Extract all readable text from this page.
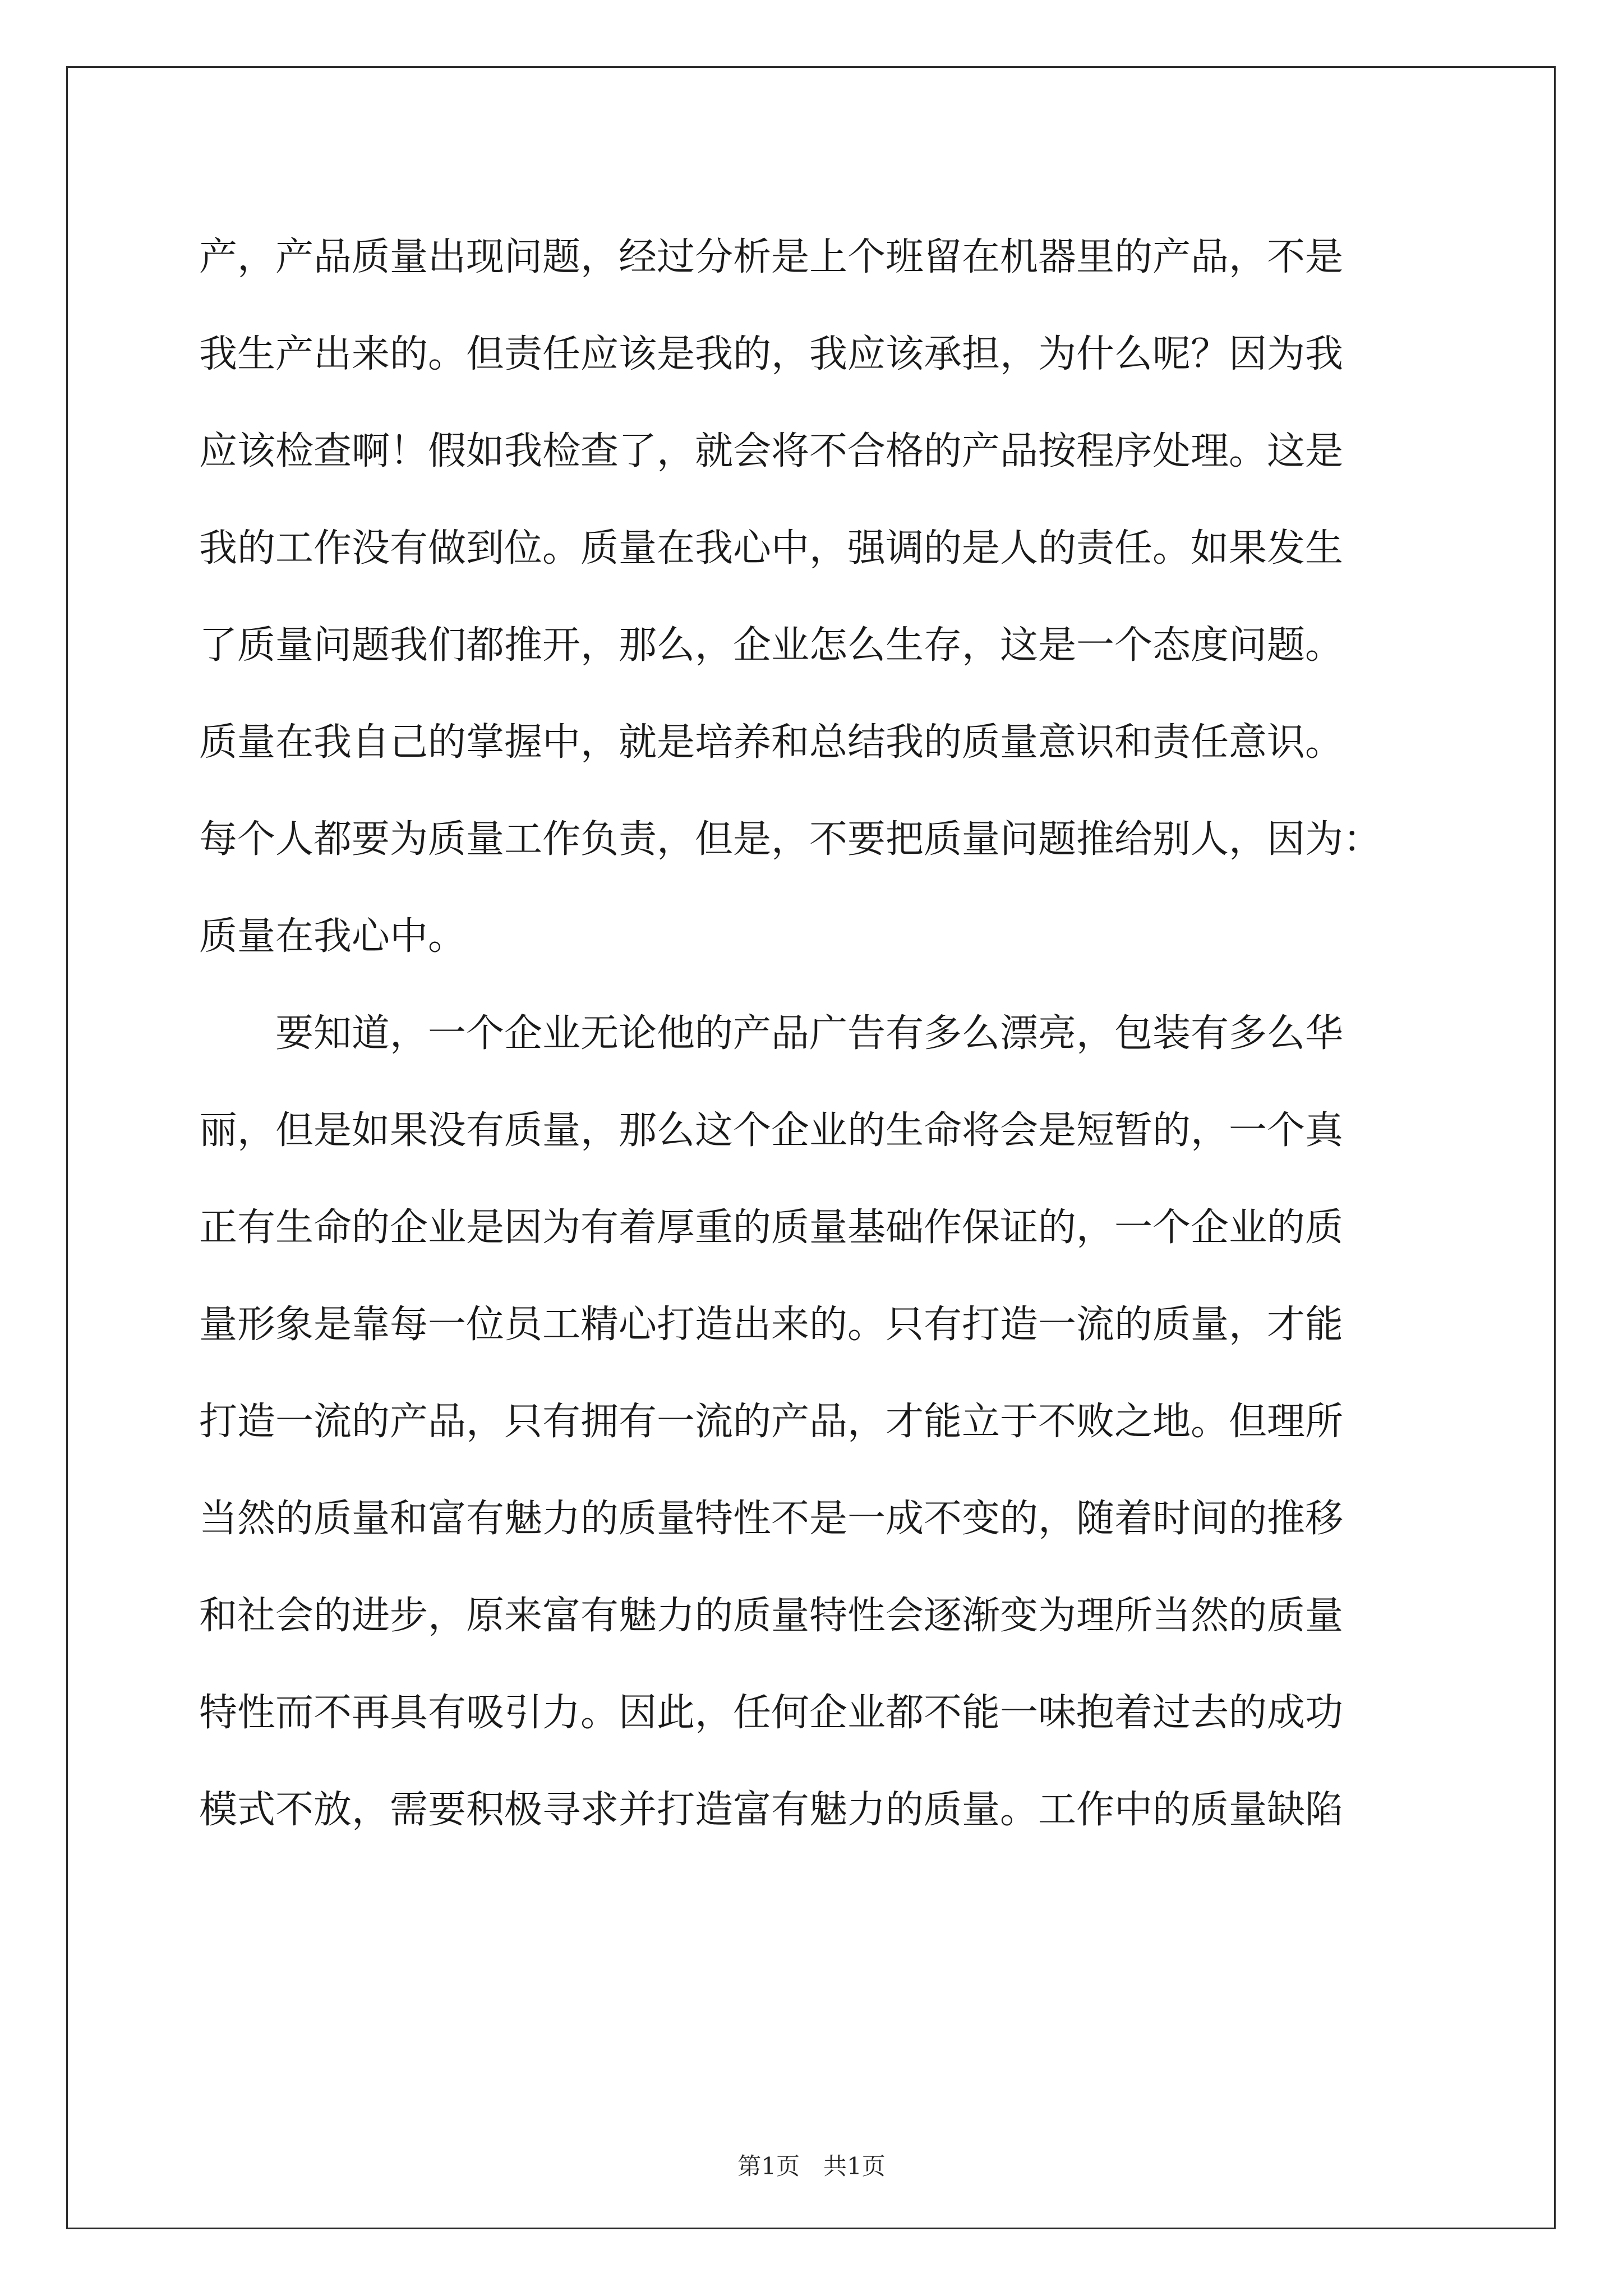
产，产品质量出现问题，经过分析是上个班留在机器里的产品，不是
我生产出来的。但责任应该是我的，我应该承担，为什么呢？因为我
应该检查啊！假如我检查了，就会将不合格的产品按程序处理。这是
我的工作没有做到位。质量在我心中，强调的是人的责任。如果发生
了质量问题我们都推开，那么，企业怎么生存，这是一个态度问题。
质量在我自己的掌握中，就是培养和总结我的质量意识和责任意识。
每个人都要为质量工作负责，但是，不要把质量问题推给别人，因为：
质量在我心中。
　　要知道，一个企业无论他的产品广告有多么漂亮，包装有多么华
丽，但是如果没有质量，那么这个企业的生命将会是短暂的，一个真
正有生命的企业是因为有着厚重的质量基础作保证的，一个企业的质
量形象是靠每一位员工精心打造出来的。只有打造一流的质量，才能
打造一流的产品，只有拥有一流的产品，才能立于不败之地。但理所
当然的质量和富有魅力的质量特性不是一成不变的，随着时间的推移
和社会的进步，原来富有魅力的质量特性会逐渐变为理所当然的质量
特性而不再具有吸引力。因此，任何企业都不能一味抱着过去的成功
模式不放，需要积极寻求并打造富有魅力的质量。工作中的质量缺陷
第1页　共1页
